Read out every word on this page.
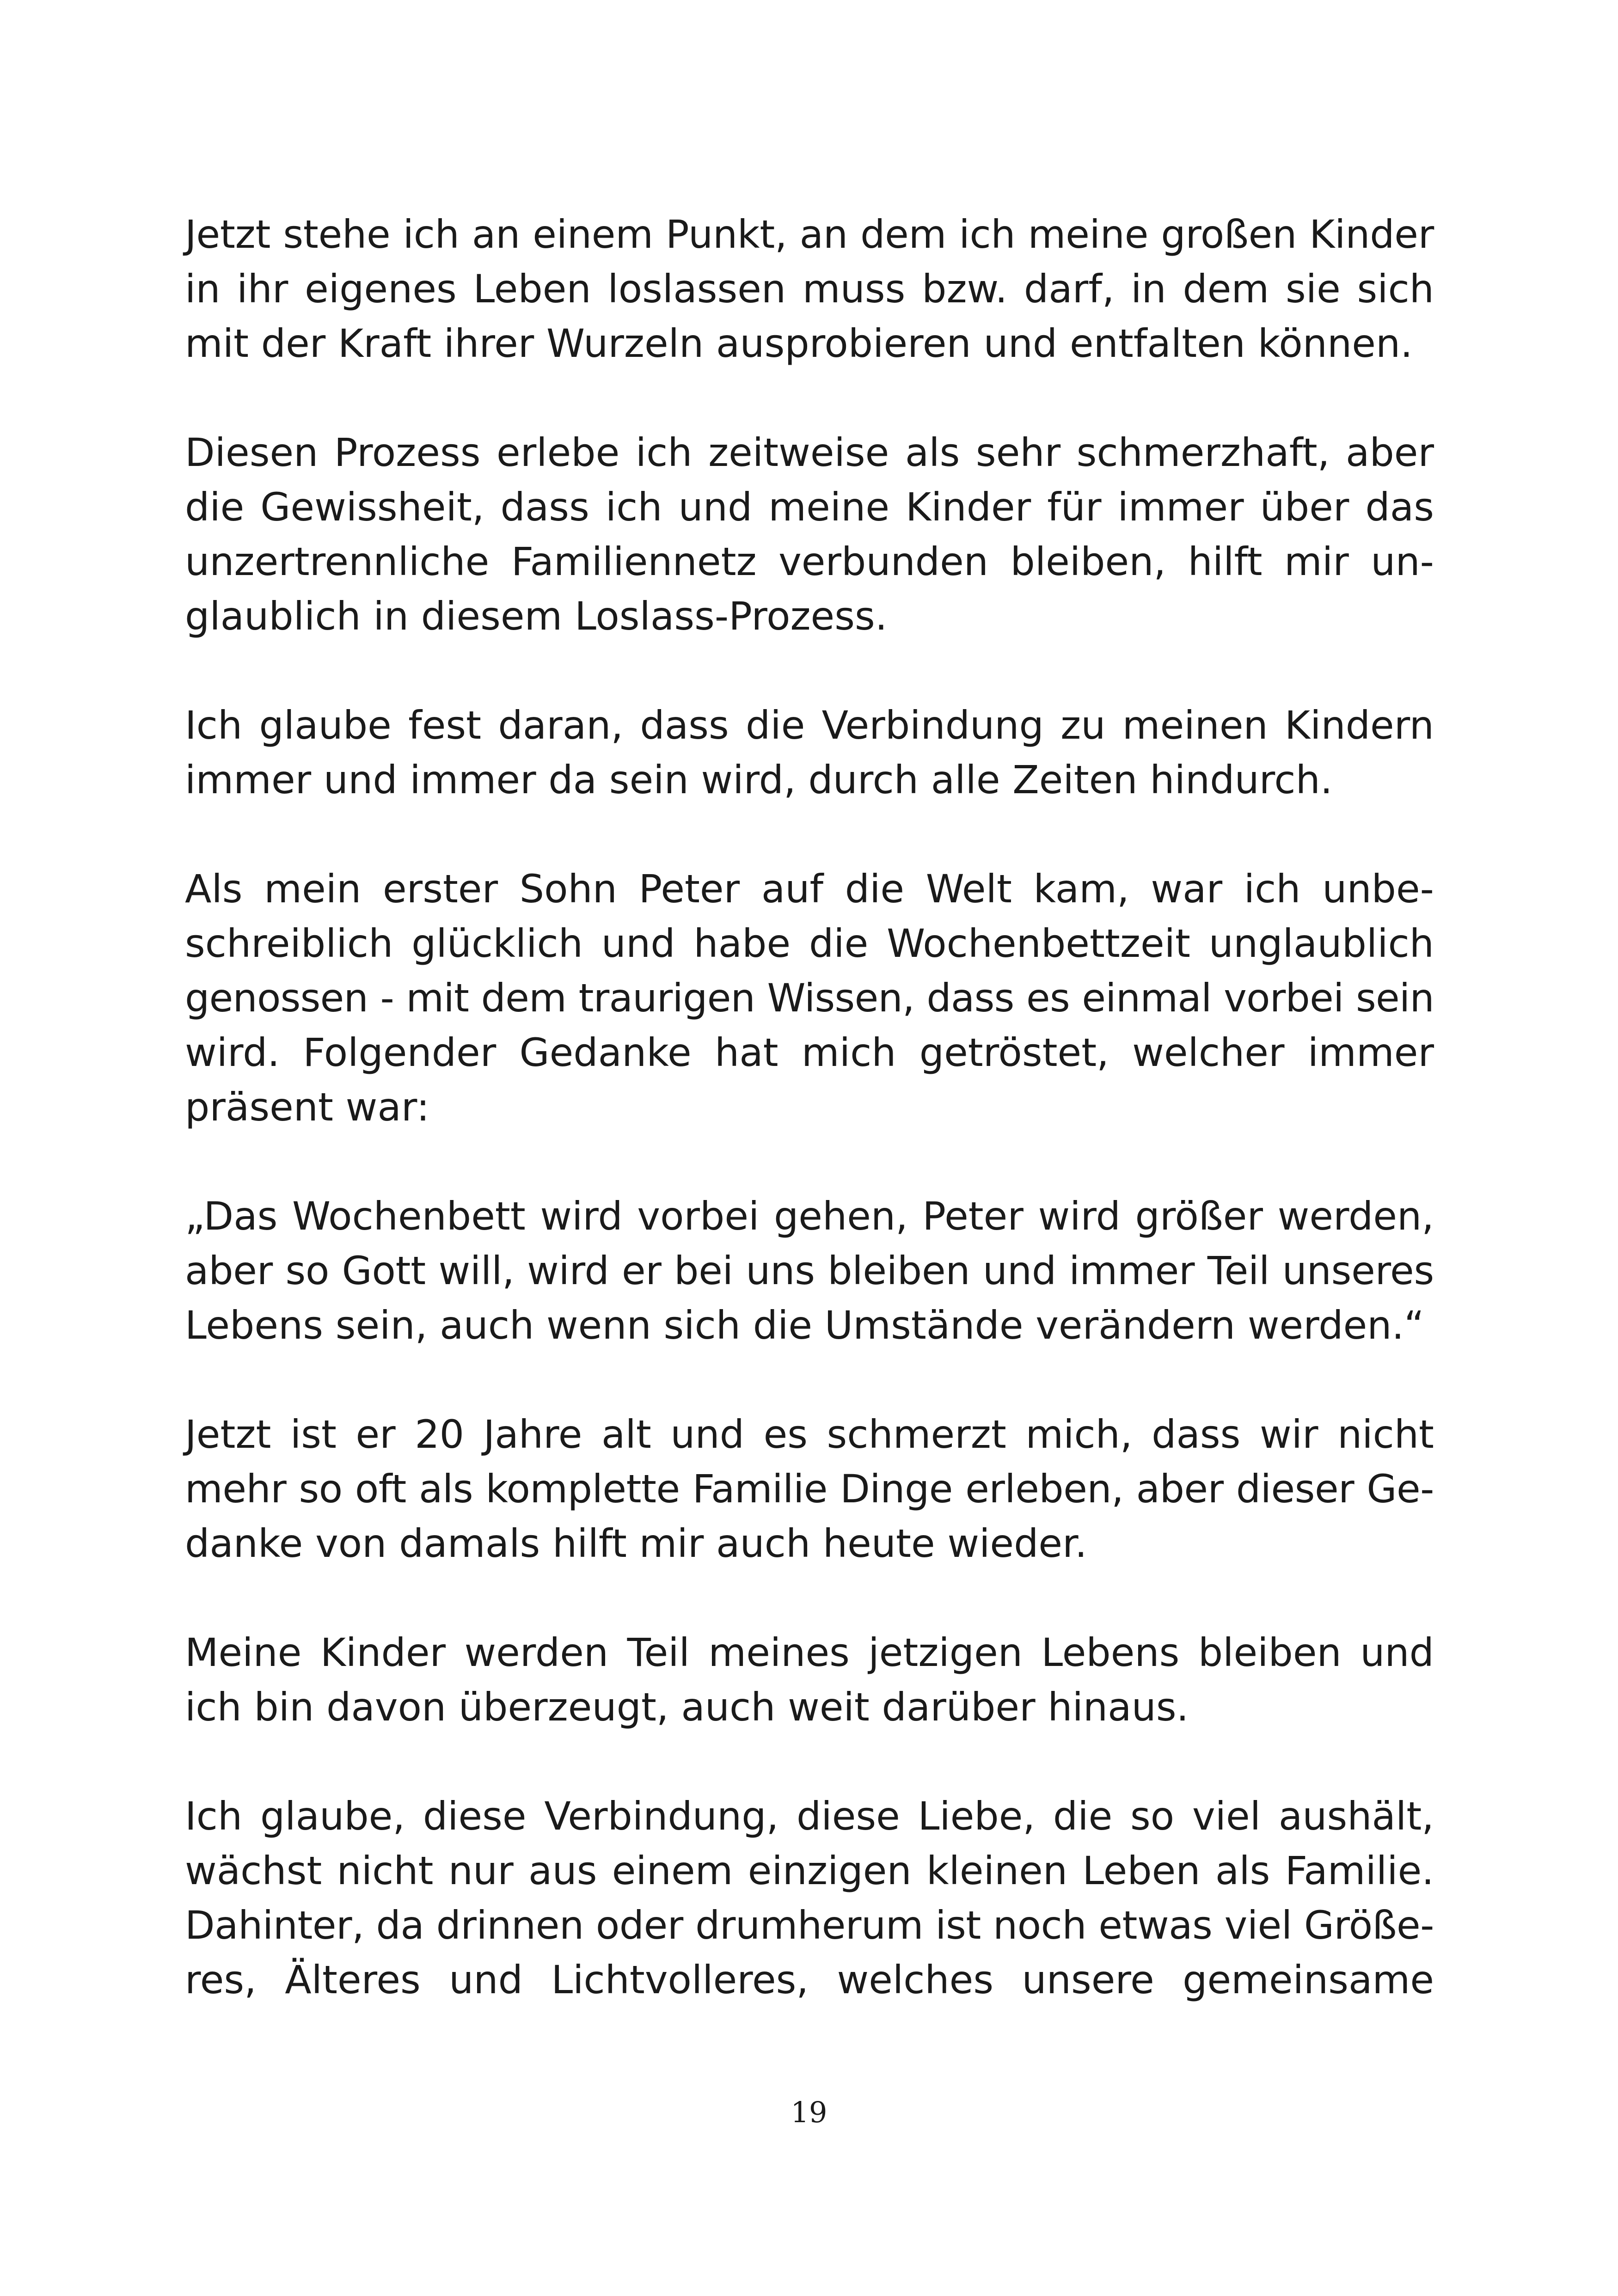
Jetzt stehe ich an einem Punkt, an dem ich meine großen Kinder
in ihr eigenes Leben loslassen muss bzw. darf, in dem sie sich
mit der Kraft ihrer Wurzeln ausprobieren und entfalten können.
Diesen Prozess erlebe ich zeitweise als sehr schmerzhaft, aber
die Gewissheit, dass ich und meine Kinder für immer über das
unzertrennliche Familiennetz verbunden bleiben, hilft mir un-
glaublich in diesem Loslass-Prozess.
Ich glaube fest daran, dass die Verbindung zu meinen Kindern
immer und immer da sein wird, durch alle Zeiten hindurch.
Als mein erster Sohn Peter auf die Welt kam, war ich unbe-
schreiblich glücklich und habe die Wochenbettzeit unglaublich
genossen - mit dem traurigen Wissen, dass es einmal vorbei sein
wird. Folgender Gedanke hat mich getröstet, welcher immer
präsent war:
„Das Wochenbett wird vorbei gehen, Peter wird größer werden,
aber so Gott will, wird er bei uns bleiben und immer Teil unseres
Lebens sein, auch wenn sich die Umstände verändern werden.“
Jetzt ist er 20 Jahre alt und es schmerzt mich, dass wir nicht
mehr so oft als komplette Familie Dinge erleben, aber dieser Ge-
danke von damals hilft mir auch heute wieder.
Meine Kinder werden Teil meines jetzigen Lebens bleiben und
ich bin davon überzeugt, auch weit darüber hinaus.
Ich glaube, diese Verbindung, diese Liebe, die so viel aushält,
wächst nicht nur aus einem einzigen kleinen Leben als Familie.
Dahinter, da drinnen oder drumherum ist noch etwas viel Größe-
res, Älteres und Lichtvolleres, welches unsere gemeinsame
19
